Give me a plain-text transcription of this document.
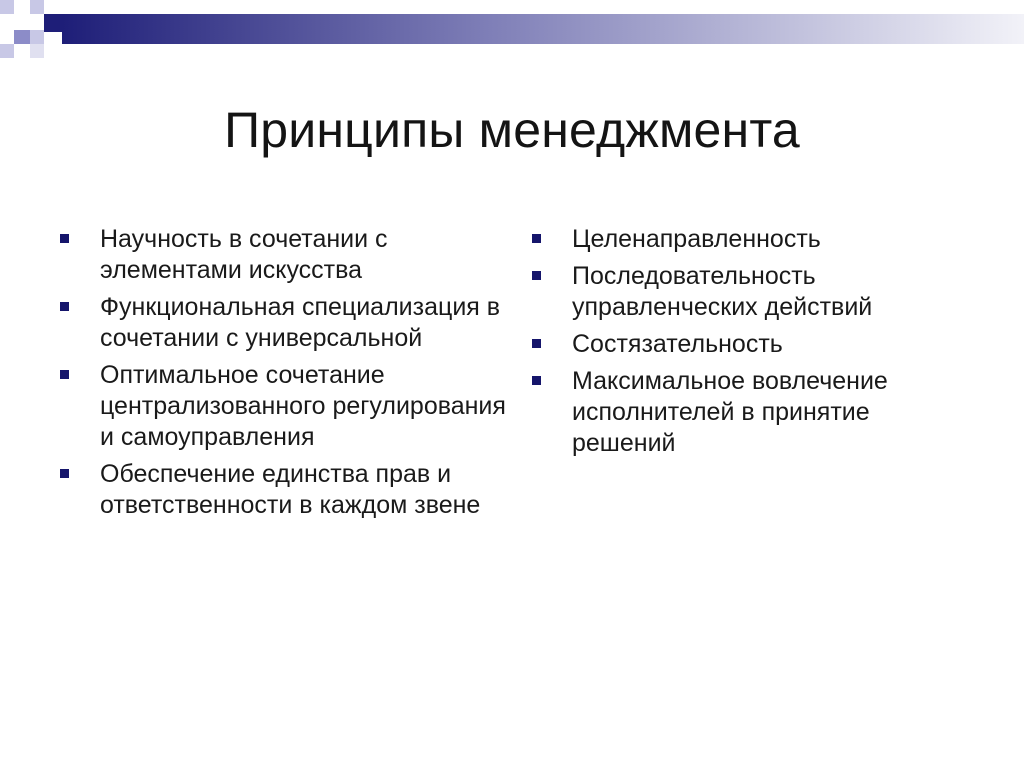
Принципы менеджмента
Научность в сочетании с элементами искусства
Функциональная специализация в сочетании с универсальной
Оптимальное сочетание централизованного регулирования и самоуправления
Обеспечение единства прав и ответственности в каждом звене
Целенаправленность
Последовательность управленческих действий
Состязательность
Максимальное вовлечение исполнителей в принятие решений
